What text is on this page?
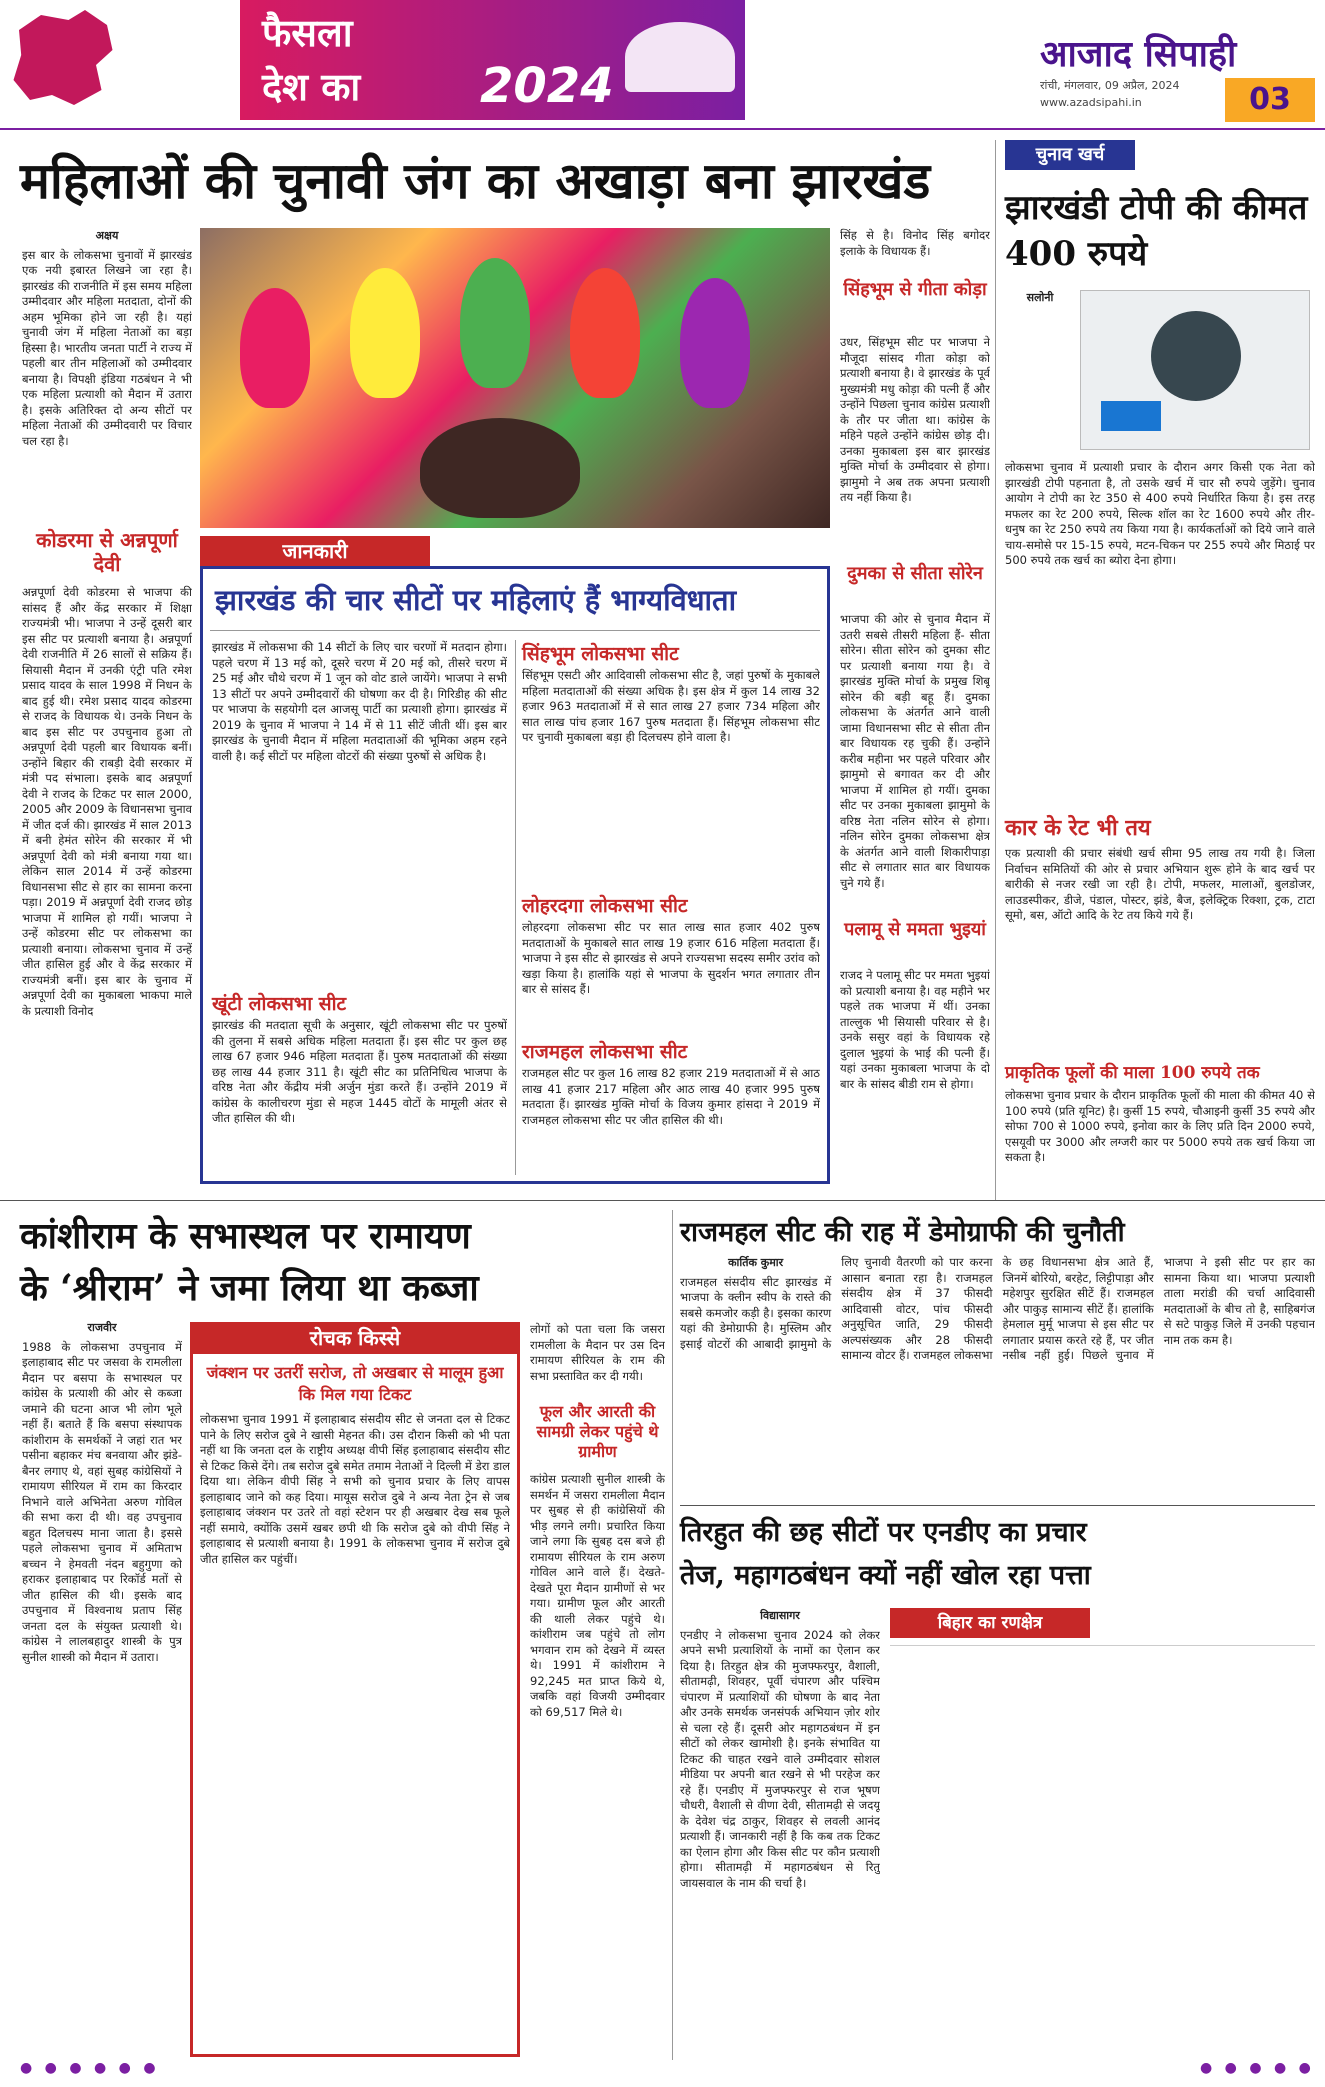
फैसला
देश का 2024
आजाद सिपाही
रांची, मंगलवार, 09 अप्रैल, 2024
www.azadsipahi.in	03
महिलाओं की चुनावी जंग का अखाड़ा बना झारखंड
अक्षय

इस बार के लोकसभा चुनावों में झारखंड एक नयी इबारत लिखने जा रहा है। झारखंड की राजनीति में इस समय महिला उम्मीदवार और महिला मतदाता, दोनों की अहम भूमिका होने जा रही है। यहां चुनावी जंग में महिला नेताओं का बड़ा हिस्सा है। भारतीय जनता पार्टी ने राज्य में पहली बार तीन महिलाओं को उम्मीदवार बनाया है। विपक्षी इंडिया गठबंधन ने भी एक महिला प्रत्याशी को मैदान में उतारा है। इसके अतिरिक्त दो अन्य सीटों पर महिला नेताओं की उम्मीदवारी पर विचार चल रहा है।

कोडरमा से अन्नपूर्णा देवी
अन्नपूर्णा देवी कोडरमा से भाजपा की सांसद हैं और केंद्र सरकार में शिक्षा राज्यमंत्री भी। भाजपा ने उन्हें दूसरी बार इस सीट पर प्रत्याशी बनाया है। अन्नपूर्णा देवी राजनीति में 26 सालों से सक्रिय हैं। सियासी मैदान में उनकी एंट्री पति रमेश प्रसाद यादव के साल 1998 में निधन के बाद हुई थी। रमेश प्रसाद यादव कोडरमा से राजद के विधायक थे। उनके निधन के बाद इस सीट पर उपचुनाव हुआ तो अन्नपूर्णा देवी पहली बार विधायक बनीं। उन्होंने बिहार की राबड़ी देवी सरकार में मंत्री पद संभाला। इसके बाद अन्नपूर्णा देवी ने राजद के टिकट पर साल 2000, 2005 और 2009 के विधानसभा चुनाव में जीत दर्ज की। झारखंड में साल 2013 में बनी हेमंत सोरेन की सरकार में भी अन्नपूर्णा देवी को मंत्री बनाया गया था। लेकिन साल 2014 में उन्हें कोडरमा विधानसभा सीट से हार का सामना करना पड़ा। 2019 में अन्नपूर्णा देवी राजद छोड़ भाजपा में शामिल हो गयीं। भाजपा ने उन्हें कोडरमा सीट पर लोकसभा का प्रत्याशी बनाया। लोकसभा चुनाव में उन्हें जीत हासिल हुई और वे केंद्र सरकार में राज्यमंत्री बनीं। इस बार के चुनाव में अन्नपूर्णा देवी का मुकाबला भाकपा माले के प्रत्याशी विनोद
सिंह से है। विनोद सिंह बगोदर इलाके के विधायक हैं।
सिंहभूम से गीता कोड़ा
उधर, सिंहभूम सीट पर भाजपा ने मौजूदा सांसद गीता कोड़ा को प्रत्याशी बनाया है। वे झारखंड के पूर्व मुख्यमंत्री मधु कोड़ा की पत्नी हैं और उन्होंने पिछला चुनाव कांग्रेस प्रत्याशी के तौर पर जीता था। कांग्रेस के महिने पहले उन्होंने कांग्रेस छोड़ दी। उनका मुकाबला इस बार झारखंड मुक्ति मोर्चा के उम्मीदवार से होगा। झामुमो ने अब तक अपना प्रत्याशी तय नहीं किया है।
दुमका से सीता सोरेन
भाजपा की ओर से चुनाव मैदान में उतरी सबसे तीसरी महिला हैं- सीता सोरेन। सीता सोरेन को दुमका सीट पर प्रत्याशी बनाया गया है। वे झारखंड मुक्ति मोर्चा के प्रमुख शिबू सोरेन की बड़ी बहू हैं। दुमका लोकसभा के अंतर्गत आने वाली जामा विधानसभा सीट से सीता तीन बार विधायक रह चुकी हैं। उन्होंने करीब महीना भर पहले परिवार और झामुमो से बगावत कर दी और भाजपा में शामिल हो गयीं। दुमका सीट पर उनका मुकाबला झामुमो के वरिष्ठ नेता नलिन सोरेन से होगा। नलिन सोरेन दुमका लोकसभा क्षेत्र के अंतर्गत आने वाली शिकारीपाड़ा सीट से लगातार सात बार विधायक चुने गये हैं।
पलामू से ममता भुइयां
राजद ने पलामू सीट पर ममता भुइयां को प्रत्याशी बनाया है। वह महीने भर पहले तक भाजपा में थीं। उनका ताल्लुक भी सियासी परिवार से है। उनके ससुर वहां के विधायक रहे दुलाल भुइयां के भाई की पत्नी हैं। यहां उनका मुकाबला भाजपा के दो बार के सांसद बीडी राम से होगा।
जानकारी
झारखंड की चार सीटों पर महिलाएं हैं भाग्यविधाता
झारखंड में लोकसभा की 14 सीटों के लिए चार चरणों में मतदान होगा। पहले चरण में 13 मई को, दूसरे चरण में 20 मई को, तीसरे चरण में 25 मई और चौथे चरण में 1 जून को वोट डाले जायेंगे। भाजपा ने सभी 13 सीटों पर अपने उम्मीदवारों की घोषणा कर दी है। गिरिडीह की सीट पर भाजपा के सहयोगी दल आजसू पार्टी का प्रत्याशी होगा। झारखंड में 2019 के चुनाव में भाजपा ने 14 में से 11 सीटें जीती थीं। इस बार झारखंड के चुनावी मैदान में महिला मतदाताओं की भूमिका अहम रहने वाली है। कई सीटों पर महिला वोटरों की संख्या पुरुषों से अधिक है।
खूंटी लोकसभा सीट
झारखंड की मतदाता सूची के अनुसार, खूंटी लोकसभा सीट पर पुरुषों की तुलना में सबसे अधिक महिला मतदाता हैं। इस सीट पर कुल छह लाख 67 हजार 946 महिला मतदाता हैं। पुरुष मतदाताओं की संख्या छह लाख 44 हजार 311 है। खूंटी सीट का प्रतिनिधित्व भाजपा के वरिष्ठ नेता और केंद्रीय मंत्री अर्जुन मुंडा करते हैं। उन्होंने 2019 में कांग्रेस के कालीचरण मुंडा से महज 1445 वोटों के मामूली अंतर से जीत हासिल की थी।
सिंहभूम लोकसभा सीट
सिंहभूम एसटी और आदिवासी लोकसभा सीट है, जहां पुरुषों के मुकाबले महिला मतदाताओं की संख्या अधिक है। इस क्षेत्र में कुल 14 लाख 32 हजार 963 मतदाताओं में से सात लाख 27 हजार 734 महिला और सात लाख पांच हजार 167 पुरुष मतदाता हैं। सिंहभूम लोकसभा सीट पर चुनावी मुकाबला बड़ा ही दिलचस्प होने वाला है।
लोहरदगा लोकसभा सीट
लोहरदगा लोकसभा सीट पर सात लाख सात हजार 402 पुरुष मतदाताओं के मुकाबले सात लाख 19 हजार 616 महिला मतदाता हैं। भाजपा ने इस सीट से झारखंड से अपने राज्यसभा सदस्य समीर उरांव को खड़ा किया है। हालांकि यहां से भाजपा के सुदर्शन भगत लगातार तीन बार से सांसद हैं।
राजमहल लोकसभा सीट
राजमहल सीट पर कुल 16 लाख 82 हजार 219 मतदाताओं में से आठ लाख 41 हजार 217 महिला और आठ लाख 40 हजार 995 पुरुष मतदाता हैं। झारखंड मुक्ति मोर्चा के विजय कुमार हांसदा ने 2019 में राजमहल लोकसभा सीट पर जीत हासिल की थी।
चुनाव खर्च
झारखंडी टोपी की कीमत 400 रुपये
सलोनी
लोकसभा चुनाव में प्रत्याशी प्रचार के दौरान अगर किसी एक नेता को झारखंडी टोपी पहनाता है, तो उसके खर्च में चार सौ रुपये जुड़ेंगे। चुनाव आयोग ने टोपी का रेट 350 से 400 रुपये निर्धारित किया है। इस तरह मफलर का रेट 200 रुपये, सिल्क शॉल का रेट 1600 रुपये और तीर-धनुष का रेट 250 रुपये तय किया गया है। कार्यकर्ताओं को दिये जाने वाले चाय-समोसे पर 15-15 रुपये, मटन-चिकन पर 255 रुपये और मिठाई पर 500 रुपये तक खर्च का ब्योरा देना होगा।
कार के रेट भी तय
एक प्रत्याशी की प्रचार संबंधी खर्च सीमा 95 लाख तय गयी है। जिला निर्वाचन समितियों की ओर से प्रचार अभियान शुरू होने के बाद खर्च पर बारीकी से नजर रखी जा रही है। टोपी, मफलर, मालाओं, बुलडोजर, लाउडस्पीकर, डीजे, पंडाल, पोस्टर, झंडे, बैज, इलेक्ट्रिक रिक्शा, ट्रक, टाटा सूमो, बस, ऑटो आदि के रेट तय किये गये हैं।
प्राकृतिक फूलों की माला 100 रुपये तक
लोकसभा चुनाव प्रचार के दौरान प्राकृतिक फूलों की माला की कीमत 40 से 100 रुपये (प्रति यूनिट) है। कुर्सी 15 रुपये, चौआइनी कुर्सी 35 रुपये और सोफा 700 से 1000 रुपये, इनोवा कार के लिए प्रति दिन 2000 रुपये, एसयूवी पर 3000 और लग्जरी कार पर 5000 रुपये तक खर्च किया जा सकता है।
कांशीराम के सभास्थल पर रामायण
के ‘श्रीराम’ ने जमा लिया था कब्जा
राजवीर

1988 के लोकसभा उपचुनाव में इलाहाबाद सीट पर जसवा के रामलीला मैदान पर बसपा के सभास्थल पर कांग्रेस के प्रत्याशी की ओर से कब्जा जमाने की घटना आज भी लोग भूले नहीं हैं। बताते हैं कि बसपा संस्थापक कांशीराम के समर्थकों ने जहां रात भर पसीना बहाकर मंच बनवाया और झंडे-बैनर लगाए थे, वहां सुबह कांग्रेसियों ने रामायण सीरियल में राम का किरदार निभाने वाले अभिनेता अरुण गोविल की सभा करा दी थी। वह उपचुनाव बहुत दिलचस्प माना जाता है। इससे पहले लोकसभा चुनाव में अमिताभ बच्चन ने हेमवती नंदन बहुगुणा को हराकर इलाहाबाद पर रिकॉर्ड मतों से जीत हासिल की थी। इसके बाद उपचुनाव में विश्वनाथ प्रताप सिंह जनता दल के संयुक्त प्रत्याशी थे। कांग्रेस ने लालबहादुर शास्त्री के पुत्र सुनील शास्त्री को मैदान में उतारा।

रोचक किस्से
जंक्शन पर उतरीं सरोज, तो अखबार से मालूम हुआ कि मिल गया टिकट
लोकसभा चुनाव 1991 में इलाहाबाद संसदीय सीट से जनता दल से टिकट पाने के लिए सरोज दुबे ने खासी मेहनत की। उस दौरान किसी को भी पता नहीं था कि जनता दल के राष्ट्रीय अध्यक्ष वीपी सिंह इलाहाबाद संसदीय सीट से टिकट किसे देंगे। तब सरोज दुबे समेत तमाम नेताओं ने दिल्ली में डेरा डाल दिया था। लेकिन वीपी सिंह ने सभी को चुनाव प्रचार के लिए वापस इलाहाबाद जाने को कह दिया। मायूस सरोज दुबे ने अन्य नेता ट्रेन से जब इलाहाबाद जंक्शन पर उतरे तो वहां स्टेशन पर ही अखबार देख सब फूले नहीं समाये, क्योंकि उसमें खबर छपी थी कि सरोज दुबे को वीपी सिंह ने इलाहाबाद से प्रत्याशी बनाया है। 1991 के लोकसभा चुनाव में सरोज दुबे जीत हासिल कर पहुंचीं।
लोगों को पता चला कि जसरा रामलीला के मैदान पर उस दिन रामायण सीरियल के राम की सभा प्रस्तावित कर दी गयी।
फूल और आरती की सामग्री लेकर पहुंचे थे ग्रामीण
कांग्रेस प्रत्याशी सुनील शास्त्री के समर्थन में जसरा रामलीला मैदान पर सुबह से ही कांग्रेसियों की भीड़ लगने लगी। प्रचारित किया जाने लगा कि सुबह दस बजे ही रामायण सीरियल के राम अरुण गोविल आने वाले हैं। देखते-देखते पूरा मैदान ग्रामीणों से भर गया। ग्रामीण फूल और आरती की थाली लेकर पहुंचे थे। कांशीराम जब पहुंचे तो लोग भगवान राम को देखने में व्यस्त थे। 1991 में कांशीराम ने 92,245 मत प्राप्त किये थे, जबकि वहां विजयी उम्मीदवार को 69,517 मिले थे।
राजमहल सीट की राह में डेमोग्राफी की चुनौती
कार्तिक कुमार

राजमहल संसदीय सीट झारखंड में भाजपा के क्लीन स्वीप के रास्ते की सबसे कमजोर कड़ी है। इसका कारण यहां की डेमोग्राफी है। मुस्लिम और इसाई वोटरों की आबादी झामुमो के लिए चुनावी वैतरणी को पार करना आसान बनाता रहा है। राजमहल संसदीय क्षेत्र में 37 फीसदी आदिवासी वोटर, पांच फीसदी अनुसूचित जाति, 29 फीसदी अल्पसंख्यक और 28 फीसदी सामान्य वोटर हैं। राजमहल लोकसभा के छह विधानसभा क्षेत्र आते हैं, जिनमें बोरियो, बरहेट, लिट्टीपाड़ा और महेशपुर सुरक्षित सीटें हैं। राजमहल और पाकुड़ सामान्य सीटें हैं। हालांकि हेमलाल मुर्मू भाजपा से इस सीट पर लगातार प्रयास करते रहे हैं, पर जीत नसीब नहीं हुई। पिछले चुनाव में भाजपा ने इसी सीट पर हार का सामना किया था। भाजपा प्रत्याशी ताला मरांडी की चर्चा आदिवासी मतदाताओं के बीच तो है, साहिबगंज से सटे पाकुड़ जिले में उनकी पहचान नाम तक कम है।

तिरहुत की छह सीटों पर एनडीए का प्रचार
तेज, महागठबंधन क्यों नहीं खोल रहा पत्ता
विद्यासागर

एनडीए ने लोकसभा चुनाव 2024 को लेकर अपने सभी प्रत्याशियों के नामों का ऐलान कर दिया है। तिरहुत क्षेत्र की मुजफ्फरपुर, वैशाली, सीतामढ़ी, शिवहर, पूर्वी चंपारण और पश्चिम चंपारण में प्रत्याशियों की घोषणा के बाद नेता और उनके समर्थक जनसंपर्क अभियान ज़ोर शोर से चला रहे हैं। दूसरी ओर महागठबंधन में इन सीटों को लेकर खामोशी है। इनके संभावित या टिकट की चाहत रखने वाले उम्मीदवार सोशल मीडिया पर अपनी बात रखने से भी परहेज कर रहे हैं। एनडीए में मुजफ्फरपुर से राज भूषण चौधरी, वैशाली से वीणा देवी, सीतामढ़ी से जदयू के देवेश चंद्र ठाकुर, शिवहर से लवली आनंद प्रत्याशी हैं। जानकारी नहीं है कि कब तक टिकट का ऐलान होगा और किस सीट पर कौन प्रत्याशी होगा। सीतामढ़ी में महागठबंधन से रितु जायसवाल के नाम की चर्चा है।

बिहार का रणक्षेत्र
● ● ● ● ● ●	● ● ● ● ●
